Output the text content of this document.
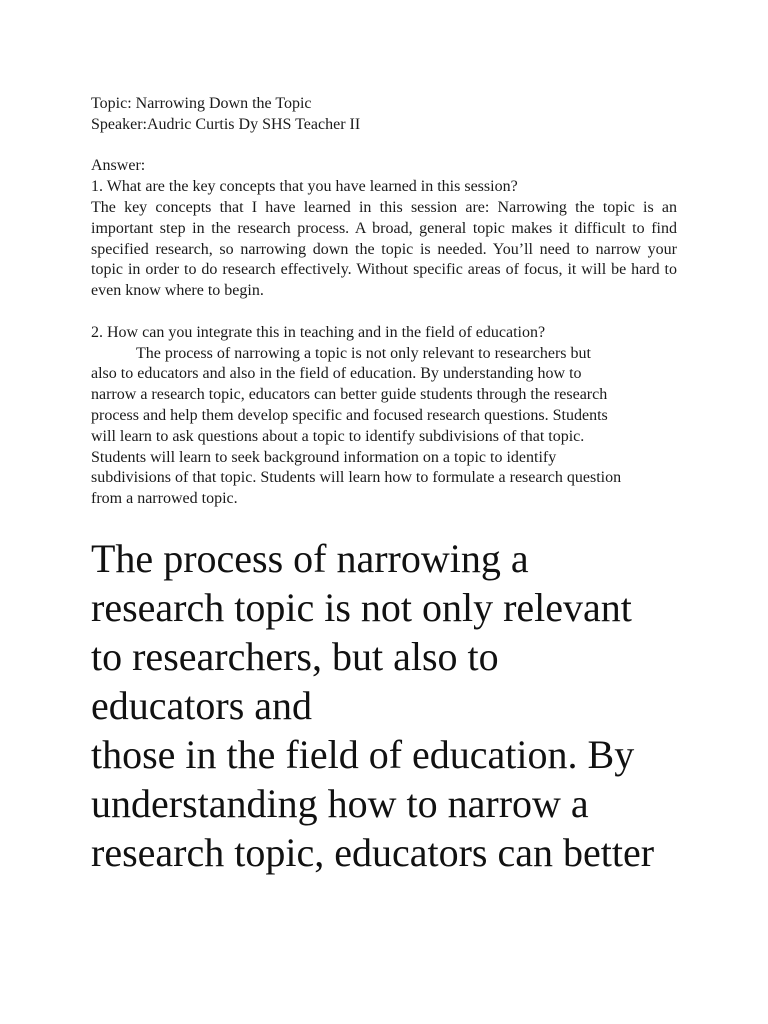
Topic: Narrowing Down the Topic

Speaker:Audric Curtis Dy SHS Teacher II

Answer:

1. What are the key concepts that you have learned in this session?

The key concepts that I have learned in this session are: Narrowing the topic is an important step in the research process. A broad, general topic makes it difficult to find specified research, so narrowing down the topic is needed. You’ll need to narrow your topic in order to do research effectively. Without specific areas of focus, it will be hard to even know where to begin.

2. How can you integrate this in teaching and in the field of education?

The process of narrowing a topic is not only relevant to researchers but

also to educators and also in the field of education. By understanding how to

narrow a research topic, educators can better guide students through the research

process and help them develop specific and focused research questions. Students

will learn to ask questions about a topic to identify subdivisions of that topic.

Students will learn to seek background information on a topic to identify

subdivisions of that topic. Students will learn how to formulate a research question

from a narrowed topic.

The process of narrowing a

research topic is not only relevant

to researchers, but also to

educators and

those in the field of education. By

understanding how to narrow a

research topic, educators can better
